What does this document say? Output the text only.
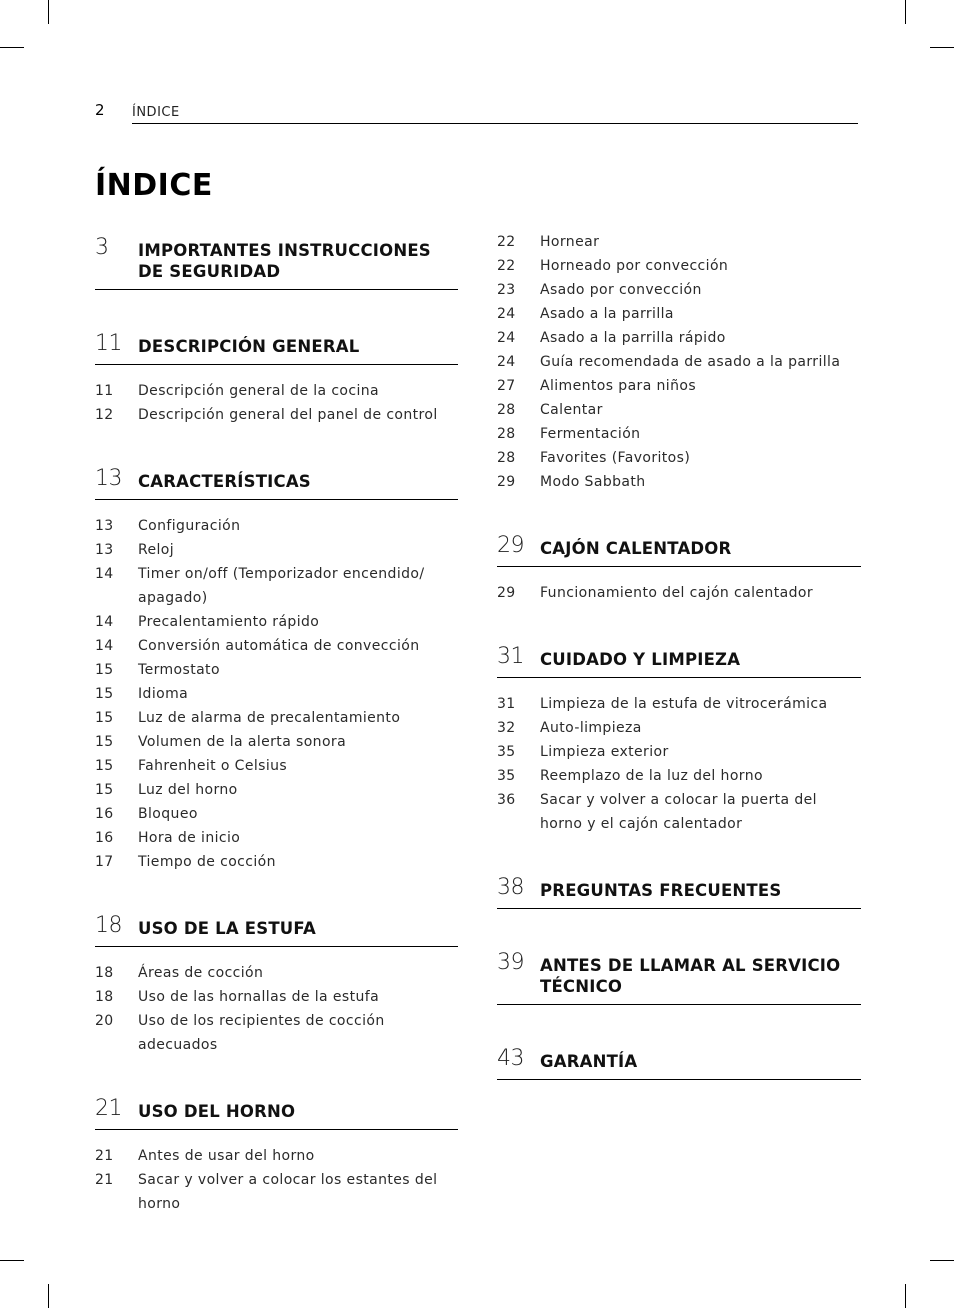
2 ÍNDICE
ÍNDICE
3 IMPORTANTES INSTRUCCIONES DE SEGURIDAD
11 DESCRIPCIÓN GENERAL
11	Descripción general de la cocina
12	Descripción general del panel de control
13 CARACTERÍSTICAS
13	Configuración
13	Reloj
14	Timer on/off (Temporizador encendido/ apagado)
14	Precalentamiento rápido
14	Conversión automática de convección
15	Termostato
15	Idioma
15	Luz de alarma de precalentamiento
15	Volumen de la alerta sonora
15	Fahrenheit o Celsius
15	Luz del horno
16	Bloqueo
16	Hora de inicio
17	Tiempo de cocción
18 USO DE LA ESTUFA
18	Áreas de cocción
18	Uso de las hornallas de la estufa
20	Uso de los recipientes de cocción adecuados
21 USO DEL HORNO
21	Antes de usar del horno
21	Sacar y volver a colocar los estantes del horno
22	Hornear
22	Horneado por convección
23	Asado por convección
24	Asado a la parrilla
24	Asado a la parrilla rápido
24	Guía recomendada de asado a la parrilla
27	Alimentos para niños
28	Calentar
28	Fermentación
28	Favorites (Favoritos)
29	Modo Sabbath
29 CAJÓN CALENTADOR
29	Funcionamiento del cajón calentador
31 CUIDADO Y LIMPIEZA
31	Limpieza de la estufa de vitrocerámica
32	Auto-limpieza
35	Limpieza exterior
35	Reemplazo de la luz del horno
36	Sacar y volver a colocar la puerta del horno y el cajón calentador
38 PREGUNTAS FRECUENTES
39 ANTES DE LLAMAR AL SERVICIO TÉCNICO
43 GARANTÍA
